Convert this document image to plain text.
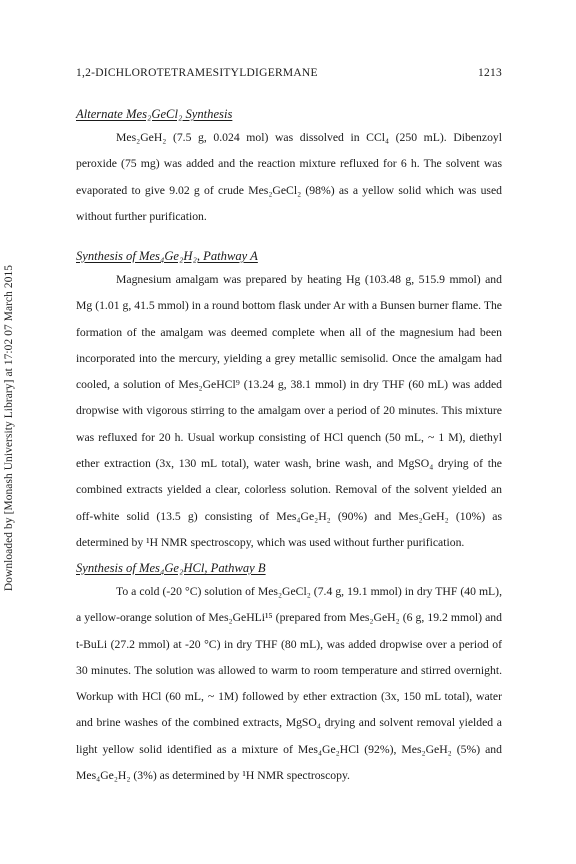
Downloaded by [Monash University Library] at 17:02 07 March 2015
1,2-DICHLOROTETRAMESITYLDIGERMANE	1213
Alternate Mes₂GeCl₂ Synthesis

Mes₂GeH₂ (7.5 g, 0.024 mol) was dissolved in CCl₄ (250 mL). Dibenzoyl peroxide (75 mg) was added and the reaction mixture refluxed for 6 h. The solvent was evaporated to give 9.02 g of crude Mes₂GeCl₂ (98%) as a yellow solid which was used without further purification.

Synthesis of Mes₄Ge₂H₂, Pathway A

Magnesium amalgam was prepared by heating Hg (103.48 g, 515.9 mmol) and Mg (1.01 g, 41.5 mmol) in a round bottom flask under Ar with a Bunsen burner flame. The formation of the amalgam was deemed complete when all of the magnesium had been incorporated into the mercury, yielding a grey metallic semisolid. Once the amalgam had cooled, a solution of Mes₂GeHCl⁹ (13.24 g, 38.1 mmol) in dry THF (60 mL) was added dropwise with vigorous stirring to the amalgam over a period of 20 minutes. This mixture was refluxed for 20 h. Usual workup consisting of HCl quench (50 mL, ~ 1 M), diethyl ether extraction (3x, 130 mL total), water wash, brine wash, and MgSO₄ drying of the combined extracts yielded a clear, colorless solution. Removal of the solvent yielded an off-white solid (13.5 g) consisting of Mes₄Ge₂H₂ (90%) and Mes₂GeH₂ (10%) as determined by ¹H NMR spectroscopy, which was used without further purification.

Synthesis of Mes₄Ge₂HCl, Pathway B

To a cold (-20 °C) solution of Mes₂GeCl₂ (7.4 g, 19.1 mmol) in dry THF (40 mL), a yellow-orange solution of Mes₂GeHLi¹⁵ (prepared from Mes₂GeH₂ (6 g, 19.2 mmol) and t-BuLi (27.2 mmol) at -20 °C) in dry THF (80 mL), was added dropwise over a period of 30 minutes. The solution was allowed to warm to room temperature and stirred overnight. Workup with HCl (60 mL, ~ 1M) followed by ether extraction (3x, 150 mL total), water and brine washes of the combined extracts, MgSO₄ drying and solvent removal yielded a light yellow solid identified as a mixture of Mes₄Ge₂HCl (92%), Mes₂GeH₂ (5%) and Mes₄Ge₂H₂ (3%) as determined by ¹H NMR spectroscopy.
